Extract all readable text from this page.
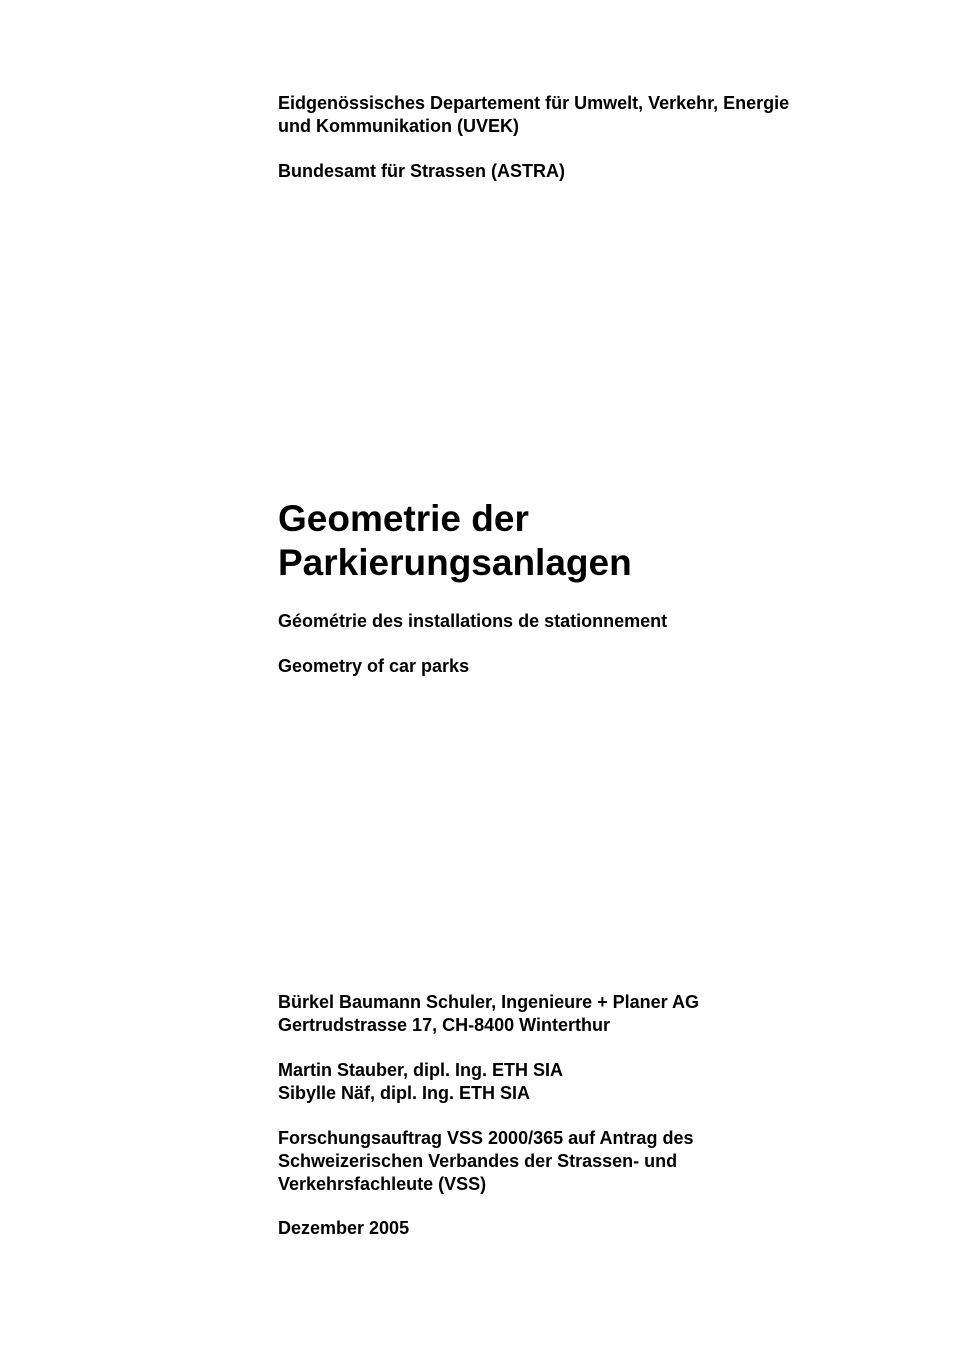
Eidgenössisches Departement für Umwelt, Verkehr, Energie
und Kommunikation (UVEK)
Bundesamt für Strassen (ASTRA)
Geometrie der
Parkierungsanlagen
Géométrie des installations de stationnement
Geometry of car parks
Bürkel Baumann Schuler, Ingenieure + Planer AG
Gertrudstrasse 17, CH-8400 Winterthur
Martin Stauber, dipl. Ing. ETH SIA
Sibylle Näf, dipl. Ing. ETH SIA
Forschungsauftrag VSS 2000/365 auf Antrag des
Schweizerischen Verbandes der Strassen- und
Verkehrsfachleute (VSS)
Dezember 2005
